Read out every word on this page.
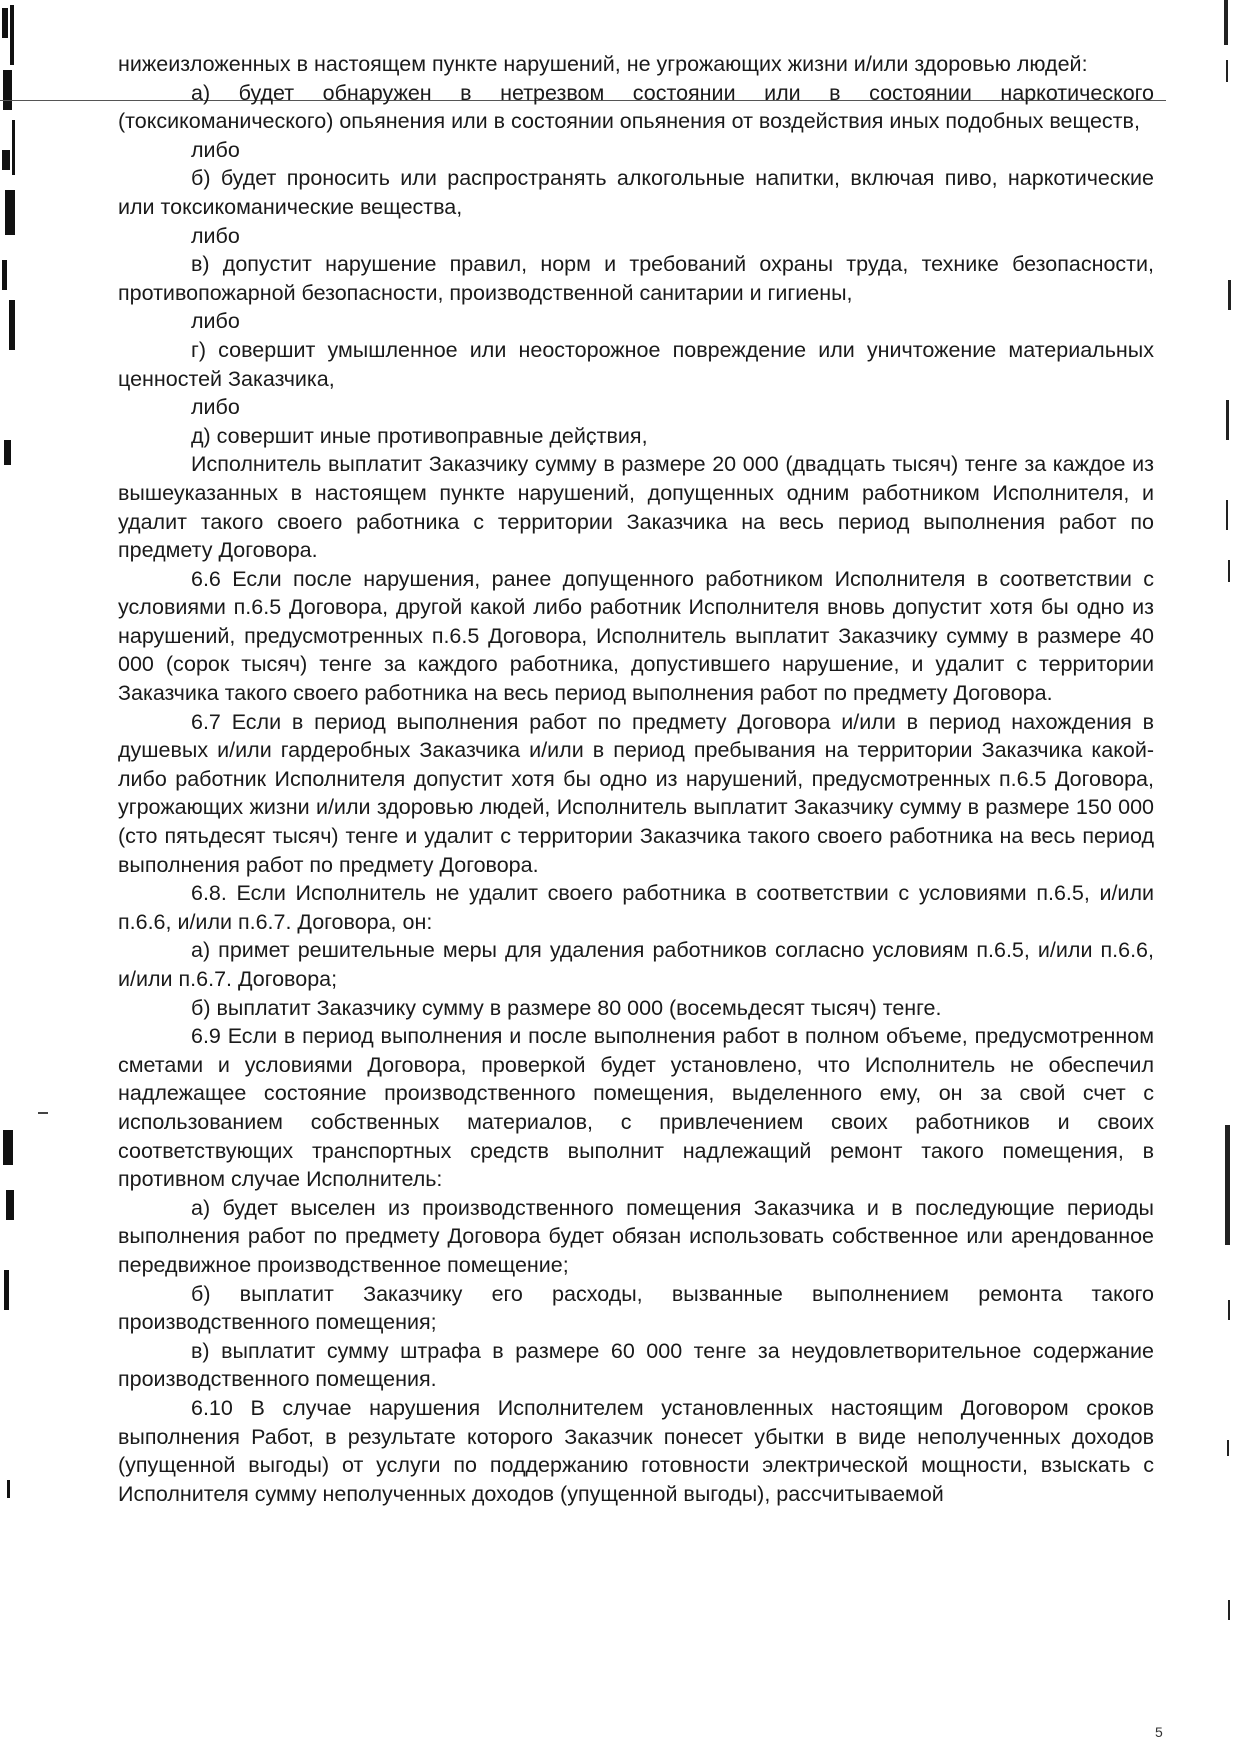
нижеизложенных в настоящем пункте нарушений, не угрожающих жизни и/или здоровью людей:

а) будет обнаружен в нетрезвом состоянии или в состоянии наркотического (токсикоманического) опьянения или в состоянии опьянения от воздействия иных подобных веществ,

либо

б) будет проносить или распространять алкогольные напитки, включая пиво, наркотические или токсикоманические вещества,

либо

в) допустит нарушение правил, норм и требований охраны труда, технике безопасности, противопожарной безопасности, производственной санитарии и гигиены,

либо

г) совершит умышленное или неосторожное повреждение или уничтожение материальных ценностей Заказчика,

либо

д) совершит иные противоправные действия,

Исполнитель выплатит Заказчику сумму в размере 20 000 (двадцать тысяч) тенге за каждое из вышеуказанных в настоящем пункте нарушений, допущенных одним работником Исполнителя, и удалит такого своего работника с территории Заказчика на весь период выполнения работ по предмету Договора.

6.6 Если после нарушения, ранее допущенного работником Исполнителя в соответствии с условиями п.6.5 Договора, другой какой либо работник Исполнителя вновь допустит хотя бы одно из нарушений, предусмотренных п.6.5 Договора, Исполнитель выплатит Заказчику сумму в размере 40 000 (сорок тысяч) тенге за каждого работника, допустившего нарушение, и удалит с территории Заказчика такого своего работника на весь период выполнения работ по предмету Договора.

6.7 Если в период выполнения работ по предмету Договора и/или в период нахождения в душевых и/или гардеробных Заказчика и/или в период пребывания на территории Заказчика какой-либо работник Исполнителя допустит хотя бы одно из нарушений, предусмотренных п.6.5 Договора, угрожающих жизни и/или здоровью людей, Исполнитель выплатит Заказчику сумму в размере 150 000 (сто пятьдесят тысяч) тенге и удалит с территории Заказчика такого своего работника на весь период выполнения работ по предмету Договора.

6.8. Если Исполнитель не удалит своего работника в соответствии с условиями п.6.5, и/или п.6.6, и/или п.6.7. Договора, он:

а) примет решительные меры для удаления работников согласно условиям п.6.5, и/или п.6.6, и/или п.6.7. Договора;

б) выплатит Заказчику сумму в размере 80 000 (восемьдесят тысяч) тенге.

6.9 Если в период выполнения и после выполнения работ в полном объеме, предусмотренном сметами и условиями Договора, проверкой будет установлено, что Исполнитель не обеспечил надлежащее состояние производственного помещения, выделенного ему, он за свой счет с использованием собственных материалов, с привлечением своих работников и своих соответствующих транспортных средств выполнит надлежащий ремонт такого помещения, в противном случае Исполнитель:

а) будет выселен из производственного помещения Заказчика и в последующие периоды выполнения работ по предмету Договора будет обязан использовать собственное или арендованное передвижное производственное помещение;

б) выплатит Заказчику его расходы, вызванные выполнением ремонта такого производственного помещения;

в) выплатит сумму штрафа в размере 60 000 тенге за неудовлетворительное содержание производственного помещения.

6.10 В случае нарушения Исполнителем установленных настоящим Договором сроков выполнения Работ, в результате которого Заказчик понесет убытки в виде неполученных доходов (упущенной выгоды) от услуги по поддержанию готовности электрической мощности, взыскать с Исполнителя сумму неполученных доходов (упущенной выгоды), рассчитываемой

5
